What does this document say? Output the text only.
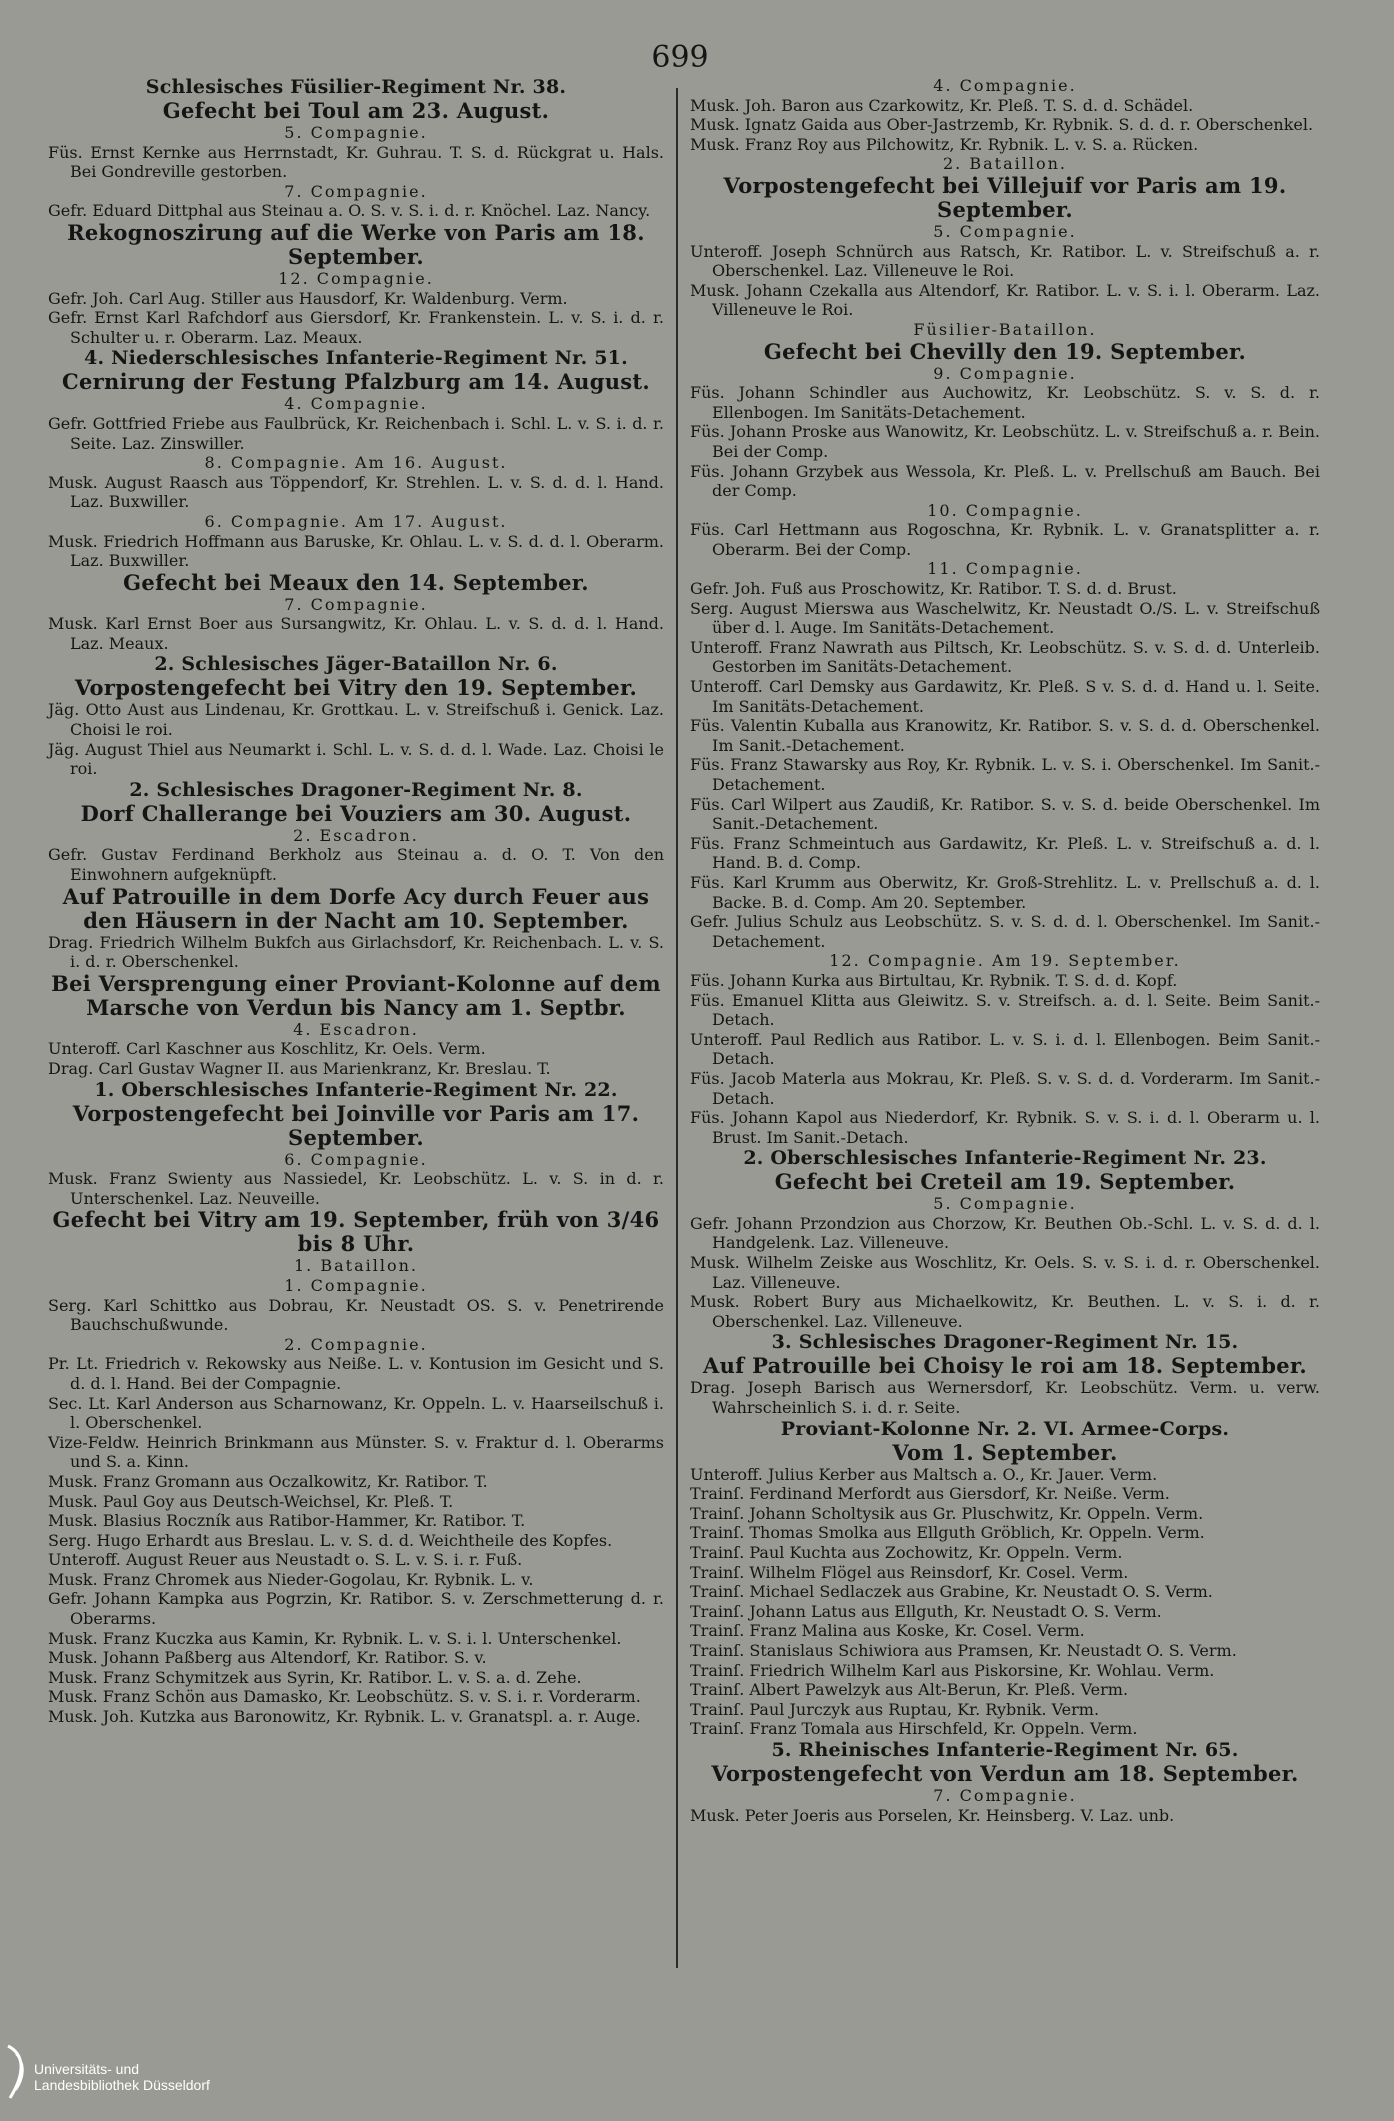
699
Schlesisches Füsilier-Regiment Nr. 38.
Gefecht bei Toul am 23. August.
5. Compagnie.
Füs. Ernst Kernke aus Herrnstadt, Kr. Guhrau. T. S. d. Rückgrat u. Hals. Bei Gondreville gestorben.
7. Compagnie.
Gefr. Eduard Dittphal aus Steinau a. O. S. v. S. i. d. r. Knöchel. Laz. Nancy.
Rekognoszirung auf die Werke von Paris am 18. September.
12. Compagnie.
Gefr. Joh. Carl Aug. Stiller aus Hausdorf, Kr. Waldenburg. Verm.
Gefr. Ernst Karl Rafchdorf aus Giersdorf, Kr. Frankenstein. L. v. S. i. d. r. Schulter u. r. Oberarm. Laz. Meaux.
4. Niederschlesisches Infanterie-Regiment Nr. 51.
Cernirung der Festung Pfalzburg am 14. August.
4. Compagnie.
Gefr. Gottfried Friebe aus Faulbrück, Kr. Reichenbach i. Schl. L. v. S. i. d. r. Seite. Laz. Zinswiller.
8. Compagnie. Am 16. August.
Musk. August Raasch aus Töppendorf, Kr. Strehlen. L. v. S. d. d. l. Hand. Laz. Buxwiller.
6. Compagnie. Am 17. August.
Musk. Friedrich Hoffmann aus Baruske, Kr. Ohlau. L. v. S. d. d. l. Oberarm. Laz. Buxwiller.
Gefecht bei Meaux den 14. September.
7. Compagnie.
Musk. Karl Ernst Boer aus Sursangwitz, Kr. Ohlau. L. v. S. d. d. l. Hand. Laz. Meaux.
2. Schlesisches Jäger-Bataillon Nr. 6.
Vorpostengefecht bei Vitry den 19. September.
Jäg. Otto Aust aus Lindenau, Kr. Grottkau. L. v. Streifschuß i. Genick. Laz. Choisi le roi.
Jäg. August Thiel aus Neumarkt i. Schl. L. v. S. d. d. l. Wade. Laz. Choisi le roi.
2. Schlesisches Dragoner-Regiment Nr. 8.
Dorf Challerange bei Vouziers am 30. August.
2. Escadron.
Gefr. Gustav Ferdinand Berkholz aus Steinau a. d. O. T. Von den Einwohnern aufgeknüpft.
Auf Patrouille in dem Dorfe Acy durch Feuer aus den Häusern in der Nacht am 10. September.
Drag. Friedrich Wilhelm Bukfch aus Girlachsdorf, Kr. Reichenbach. L. v. S. i. d. r. Oberschenkel.
Bei Versprengung einer Proviant-Kolonne auf dem Marsche von Verdun bis Nancy am 1. Septbr.
4. Escadron.
Unteroff. Carl Kaschner aus Koschlitz, Kr. Oels. Verm.
Drag. Carl Gustav Wagner II. aus Marienkranz, Kr. Breslau. T.
1. Oberschlesisches Infanterie-Regiment Nr. 22.
Vorpostengefecht bei Joinville vor Paris am 17. September.
6. Compagnie.
Musk. Franz Swienty aus Nassiedel, Kr. Leobschütz. L. v. S. in d. r. Unterschenkel. Laz. Neuveille.
Gefecht bei Vitry am 19. September, früh von 3/46 bis 8 Uhr.
1. Bataillon.
1. Compagnie.
Serg. Karl Schittko aus Dobrau, Kr. Neustadt OS. S. v. Penetrirende Bauchschußwunde.
2. Compagnie.
Pr. Lt. Friedrich v. Rekowsky aus Neiße. L. v. Kontusion im Gesicht und S. d. d. l. Hand. Bei der Compagnie.
Sec. Lt. Karl Anderson aus Scharnowanz, Kr. Oppeln. L. v. Haarseilschuß i. l. Oberschenkel.
Vize-Feldw. Heinrich Brinkmann aus Münster. S. v. Fraktur d. l. Oberarms und S. a. Kinn.
Musk. Franz Gromann aus Oczalkowitz, Kr. Ratibor. T.
Musk. Paul Goy aus Deutsch-Weichsel, Kr. Pleß. T.
Musk. Blasius Roczník aus Ratibor-Hammer, Kr. Ratibor. T.
Serg. Hugo Erhardt aus Breslau. L. v. S. d. d. Weichtheile des Kopfes.
Unteroff. August Reuer aus Neustadt o. S. L. v. S. i. r. Fuß.
Musk. Franz Chromek aus Nieder-Gogolau, Kr. Rybnik. L. v.
Gefr. Johann Kampka aus Pogrzin, Kr. Ratibor. S. v. Zerschmetterung d. r. Oberarms.
Musk. Franz Kuczka aus Kamin, Kr. Rybnik. L. v. S. i. l. Unterschenkel.
Musk. Johann Paßberg aus Altendorf, Kr. Ratibor. S. v.
Musk. Franz Schymitzek aus Syrin, Kr. Ratibor. L. v. S. a. d. Zehe.
Musk. Franz Schön aus Damasko, Kr. Leobschütz. S. v. S. i. r. Vorderarm.
Musk. Joh. Kutzka aus Baronowitz, Kr. Rybnik. L. v. Granatspl. a. r. Auge.
4. Compagnie.
Musk. Joh. Baron aus Czarkowitz, Kr. Pleß. T. S. d. d. Schädel.
Musk. Ignatz Gaida aus Ober-Jastrzemb, Kr. Rybnik. S. d. d. r. Oberschenkel.
Musk. Franz Roy aus Pilchowitz, Kr. Rybnik. L. v. S. a. Rücken.
2. Bataillon.
Vorpostengefecht bei Villejuif vor Paris am 19. September.
5. Compagnie.
Unteroff. Joseph Schnürch aus Ratsch, Kr. Ratibor. L. v. Streifschuß a. r. Oberschenkel. Laz. Villeneuve le Roi.
Musk. Johann Czekalla aus Altendorf, Kr. Ratibor. L. v. S. i. l. Oberarm. Laz. Villeneuve le Roi.
Füsilier-Bataillon.
Gefecht bei Chevilly den 19. September.
9. Compagnie.
Füs. Johann Schindler aus Auchowitz, Kr. Leobschütz. S. v. S. d. r. Ellenbogen. Im Sanitäts-Detachement.
Füs. Johann Proske aus Wanowitz, Kr. Leobschütz. L. v. Streifschuß a. r. Bein. Bei der Comp.
Füs. Johann Grzybek aus Wessola, Kr. Pleß. L. v. Prellschuß am Bauch. Bei der Comp.
10. Compagnie.
Füs. Carl Hettmann aus Rogoschna, Kr. Rybnik. L. v. Granatsplitter a. r. Oberarm. Bei der Comp.
11. Compagnie.
Gefr. Joh. Fuß aus Proschowitz, Kr. Ratibor. T. S. d. d. Brust.
Serg. August Mierswa aus Waschelwitz, Kr. Neustadt O./S. L. v. Streifschuß über d. l. Auge. Im Sanitäts-Detachement.
Unteroff. Franz Nawrath aus Piltsch, Kr. Leobschütz. S. v. S. d. d. Unterleib. Gestorben im Sanitäts-Detachement.
Unteroff. Carl Demsky aus Gardawitz, Kr. Pleß. S v. S. d. d. Hand u. l. Seite. Im Sanitäts-Detachement.
Füs. Valentin Kuballa aus Kranowitz, Kr. Ratibor. S. v. S. d. d. Oberschenkel. Im Sanit.-Detachement.
Füs. Franz Stawarsky aus Roy, Kr. Rybnik. L. v. S. i. Oberschenkel. Im Sanit.-Detachement.
Füs. Carl Wilpert aus Zaudiß, Kr. Ratibor. S. v. S. d. beide Oberschenkel. Im Sanit.-Detachement.
Füs. Franz Schmeintuch aus Gardawitz, Kr. Pleß. L. v. Streifschuß a. d. l. Hand. B. d. Comp.
Füs. Karl Krumm aus Oberwitz, Kr. Groß-Strehlitz. L. v. Prellschuß a. d. l. Backe. B. d. Comp. Am 20. September.
Gefr. Julius Schulz aus Leobschütz. S. v. S. d. d. l. Oberschenkel. Im Sanit.-Detachement.
12. Compagnie. Am 19. September.
Füs. Johann Kurka aus Birtultau, Kr. Rybnik. T. S. d. d. Kopf.
Füs. Emanuel Klitta aus Gleiwitz. S. v. Streifsch. a. d. l. Seite. Beim Sanit.-Detach.
Unteroff. Paul Redlich aus Ratibor. L. v. S. i. d. l. Ellenbogen. Beim Sanit.-Detach.
Füs. Jacob Materla aus Mokrau, Kr. Pleß. S. v. S. d. d. Vorderarm. Im Sanit.-Detach.
Füs. Johann Kapol aus Niederdorf, Kr. Rybnik. S. v. S. i. d. l. Oberarm u. l. Brust. Im Sanit.-Detach.
2. Oberschlesisches Infanterie-Regiment Nr. 23.
Gefecht bei Creteil am 19. September.
5. Compagnie.
Gefr. Johann Przondzion aus Chorzow, Kr. Beuthen Ob.-Schl. L. v. S. d. d. l. Handgelenk. Laz. Villeneuve.
Musk. Wilhelm Zeiske aus Woschlitz, Kr. Oels. S. v. S. i. d. r. Oberschenkel. Laz. Villeneuve.
Musk. Robert Bury aus Michaelkowitz, Kr. Beuthen. L. v. S. i. d. r. Oberschenkel. Laz. Villeneuve.
3. Schlesisches Dragoner-Regiment Nr. 15.
Auf Patrouille bei Choisy le roi am 18. September.
Drag. Joseph Barisch aus Wernersdorf, Kr. Leobschütz. Verm. u. verw. Wahrscheinlich S. i. d. r. Seite.
Proviant-Kolonne Nr. 2. VI. Armee-Corps.
Vom 1. September.
Unteroff. Julius Kerber aus Maltsch a. O., Kr. Jauer. Verm.
Trainſ. Ferdinand Merfordt aus Giersdorf, Kr. Neiße. Verm.
Trainſ. Johann Scholtysik aus Gr. Pluschwitz, Kr. Oppeln. Verm.
Trainſ. Thomas Smolka aus Ellguth Gröblich, Kr. Oppeln. Verm.
Trainſ. Paul Kuchta aus Zochowitz, Kr. Oppeln. Verm.
Trainſ. Wilhelm Flögel aus Reinsdorf, Kr. Cosel. Verm.
Trainſ. Michael Sedlaczek aus Grabine, Kr. Neustadt O. S. Verm.
Trainſ. Johann Latus aus Ellguth, Kr. Neustadt O. S. Verm.
Trainſ. Franz Malina aus Koske, Kr. Cosel. Verm.
Trainſ. Stanislaus Schiwiora aus Pramsen, Kr. Neustadt O. S. Verm.
Trainſ. Friedrich Wilhelm Karl aus Piskorsine, Kr. Wohlau. Verm.
Trainſ. Albert Pawelzyk aus Alt-Berun, Kr. Pleß. Verm.
Trainſ. Paul Jurczyk aus Ruptau, Kr. Rybnik. Verm.
Trainſ. Franz Tomala aus Hirschfeld, Kr. Oppeln. Verm.
5. Rheinisches Infanterie-Regiment Nr. 65.
Vorpostengefecht von Verdun am 18. September.
7. Compagnie.
Musk. Peter Joeris aus Porselen, Kr. Heinsberg. V. Laz. unb.
Universitäts- und
Landesbibliothek Düsseldorf
